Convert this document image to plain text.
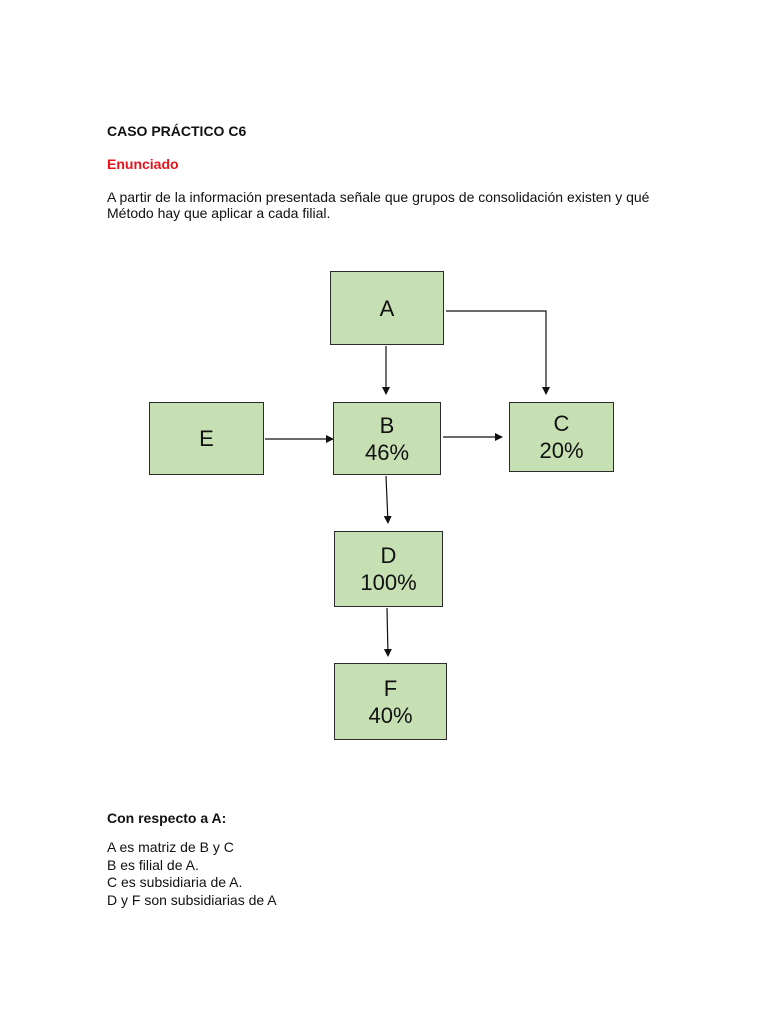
CASO PRÁCTICO C6
Enunciado
A partir de la información presentada señale que grupos de consolidación existen y qué
Método hay que aplicar a cada filial.
A
B
46%
C
20%
E
D
100%
F
40%
Con respecto a A:
A es matriz de B y C
B es filial de A.
C es subsidiaria de A.
D y F son subsidiarias de A
